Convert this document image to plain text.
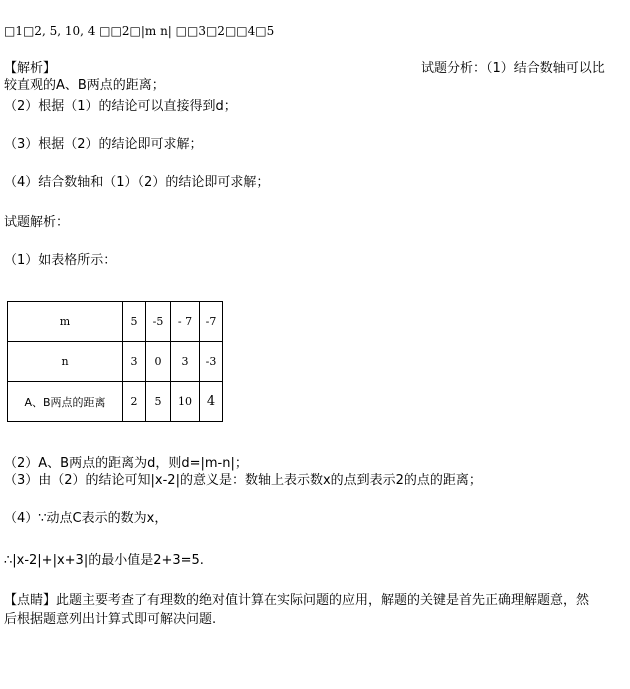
□1□2, 5, 10, 4 □□2□|m n| □□3□2□□4□5
【解析】	试题分析：（1）结合数轴可以比
较直观的A、B两点的距离；
（2）根据（1）的结论可以直接得到d；
（3）根据（2）的结论即可求解；
（4）结合数轴和（1）（2）的结论即可求解；
试题解析：
（1）如表格所示：
m	5	-5	- 7	-7
n	3	0	3	-3
A、B两点的距离	2	5	10	4
（2）A、B两点的距离为d，则d=|m-n|；
（3）由（2）的结论可知|x-2|的意义是：数轴上表示数x的点到表示2的点的距离；
（4）∵动点C表示的数为x，
∴|x-2|+|x+3|的最小值是2+3=5.
【点睛】此题主要考查了有理数的绝对值计算在实际问题的应用，解题的关键是首先正确理解题意，然
后根据题意列出计算式即可解决问题.
